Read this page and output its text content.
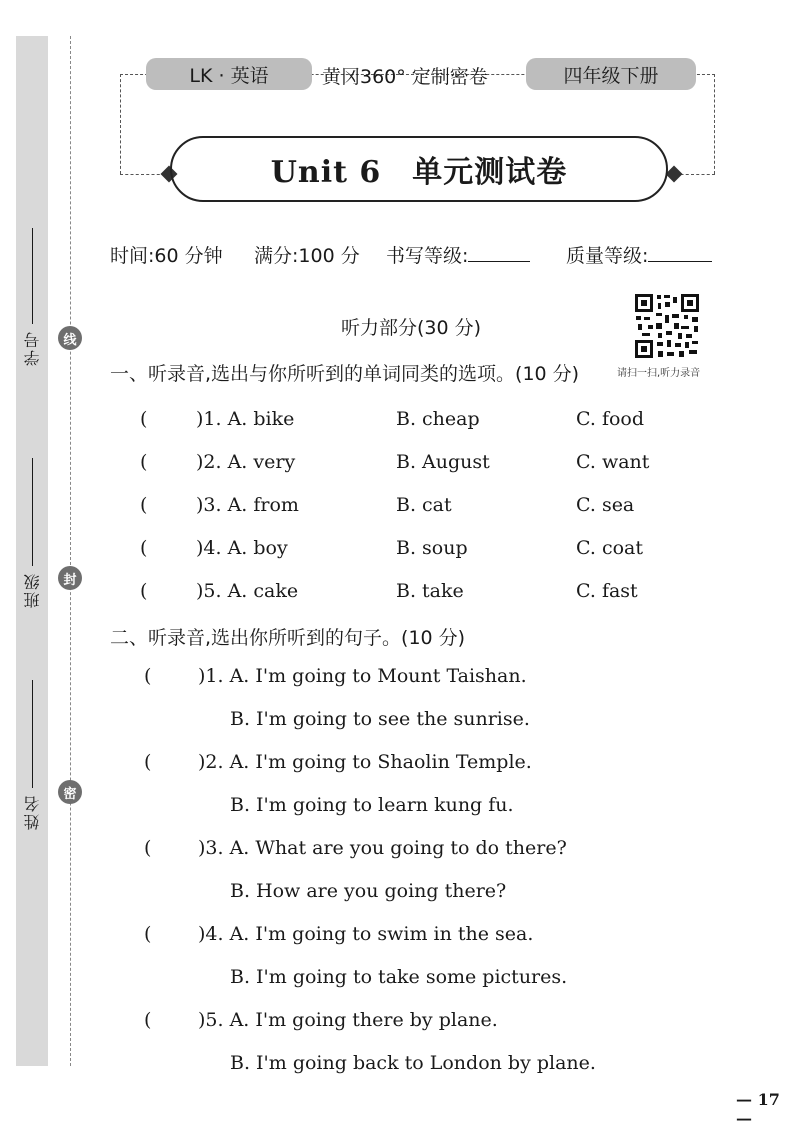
学号
班级
姓名
线
封
密
LK · 英语	黄冈360° 定制密卷	四年级下册
Unit 6　单元测试卷
时间:60 分钟 满分:100 分 书写等级:	质量等级:
听力部分(30 分)
请扫一扫,听力录音
一、听录音,选出与你所听到的单词同类的选项。(10 分)
(	)1. A. bike	B. cheap	C. food
(	)2. A. very	B. August	C. want
(	)3. A. from	B. cat	C. sea
(	)4. A. boy	B. soup	C. coat
(	)5. A. cake	B. take	C. fast
二、听录音,选出你所听到的句子。(10 分)
( )1. A. I'm going to Mount Taishan.
B. I'm going to see the sunrise.
( )2. A. I'm going to Shaolin Temple.
B. I'm going to learn kung fu.
( )3. A. What are you going to do there?
B. How are you going there?
( )4. A. I'm going to swim in the sea.
B. I'm going to take some pictures.
( )5. A. I'm going there by plane.
B. I'm going back to London by plane.
— 17 —
